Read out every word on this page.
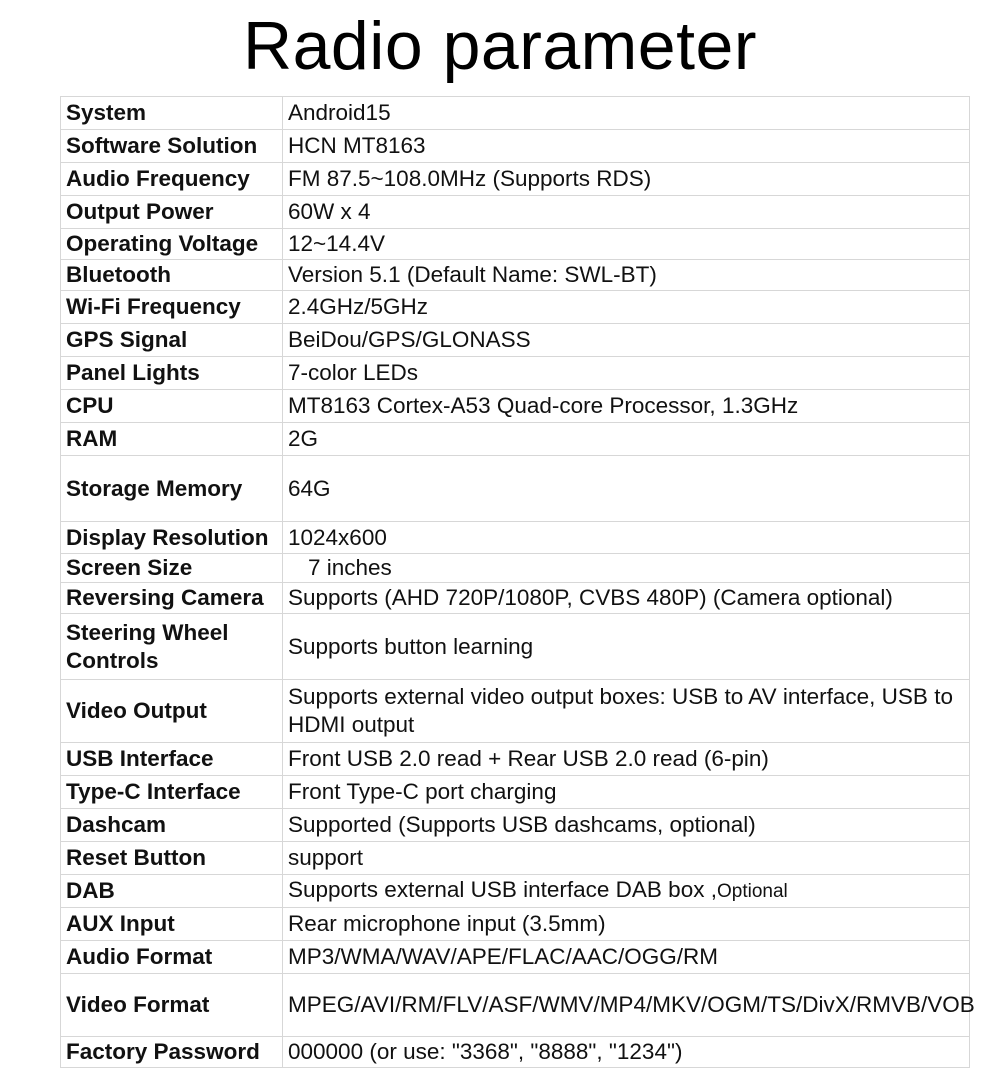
Radio parameter
System	Android15
Software Solution	HCN MT8163
Audio Frequency	FM 87.5~108.0MHz (Supports RDS)
Output Power	60W x 4
Operating Voltage	12~14.4V
Bluetooth	Version 5.1 (Default Name: SWL-BT)
Wi-Fi Frequency	2.4GHz/5GHz
GPS Signal	BeiDou/GPS/GLONASS
Panel Lights	7-color LEDs
CPU	MT8163 Cortex-A53 Quad-core Processor, 1.3GHz
RAM	2G
Storage Memory	64G
Display Resolution	1024x600
Screen Size	7 inches
Reversing Camera	Supports (AHD 720P/1080P, CVBS 480P) (Camera optional)
Steering Wheel Controls	Supports button learning
Video Output	Supports external video output boxes: USB to AV interface, USB to HDMI output
USB Interface	Front USB 2.0 read + Rear USB 2.0 read (6-pin)
Type-C Interface	Front Type-C port charging
Dashcam	Supported (Supports USB dashcams, optional)
Reset Button	support
DAB	Supports external USB interface DAB box ,Optional
AUX Input	Rear microphone input (3.5mm)
Audio Format	MP3/WMA/WAV/APE/FLAC/AAC/OGG/RM
Video Format	MPEG/AVI/RM/FLV/ASF/WMV/MP4/MKV/OGM/TS/DivX/RMVB/VOB
Factory Password	000000 (or use: "3368", "8888", "1234")
